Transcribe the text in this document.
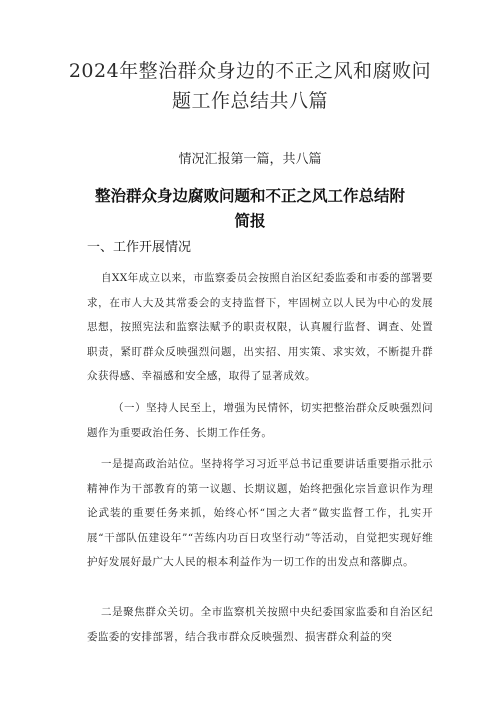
2024年整治群众身边的不正之风和腐败问题工作总结共八篇
情况汇报第一篇，共八篇
整治群众身边腐败问题和不正之风工作总结附简报
一、工作开展情况
自XX年成立以来，市监察委员会按照自治区纪委监委和市委的部署要求，在市人大及其常委会的支持监督下，牢固树立以人民为中心的发展思想，按照宪法和监察法赋予的职责权限，认真履行监督、调查、处置职责，紧盯群众反映强烈问题，出实招、用实策、求实效，不断提升群众获得感、幸福感和安全感，取得了显著成效。
（一）坚持人民至上，增强为民情怀，切实把整治群众反映强烈问题作为重要政治任务、长期工作任务。
一是提高政治站位。坚持将学习习近平总书记重要讲话重要指示批示精神作为干部教育的第一议题、长期议题，始终把强化宗旨意识作为理论武装的重要任务来抓，始终心怀“国之大者”做实监督工作，扎实开展“干部队伍建设年”“苦练内功百日攻坚行动”等活动，自觉把实现好维护好发展好最广大人民的根本利益作为一切工作的出发点和落脚点。
二是聚焦群众关切。全市监察机关按照中央纪委国家监委和自治区纪委监委的安排部署，结合我市群众反映强烈、损害群众利益的突
